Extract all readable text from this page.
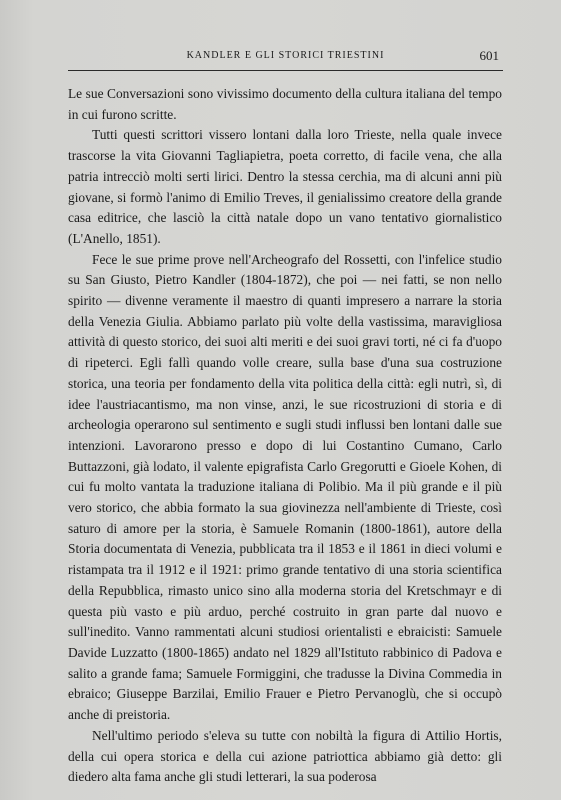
KANDLER E GLI STORICI TRIESTINI	601

Le sue Conversazioni sono vivissimo documento della cultura italiana del tempo in cui furono scritte.

Tutti questi scrittori vissero lontani dalla loro Trieste, nella quale invece trascorse la vita Giovanni Tagliapietra, poeta corretto, di facile vena, che alla patria intrecciò molti serti lirici. Dentro la stessa cerchia, ma di alcuni anni più giovane, si formò l'animo di Emilio Treves, il genialissimo creatore della grande casa editrice, che lasciò la città natale dopo un vano tentativo giornalistico (L'Anello, 1851).

Fece le sue prime prove nell'Archeografo del Rossetti, con l'infelice studio su San Giusto, Pietro Kandler (1804-1872), che poi — nei fatti, se non nello spirito — divenne veramente il maestro di quanti impresero a narrare la storia della Venezia Giulia. Abbiamo parlato più volte della vastissima, maravigliosa attività di questo storico, dei suoi alti meriti e dei suoi gravi torti, né ci fa d'uopo di ripeterci. Egli fallì quando volle creare, sulla base d'una sua costruzione storica, una teoria per fondamento della vita politica della città: egli nutrì, sì, di idee l'austriacantismo, ma non vinse, anzi, le sue ricostruzioni di storia e di archeologia operarono sul sentimento e sugli studi influssi ben lontani dalle sue intenzioni. Lavorarono presso e dopo di lui Costantino Cumano, Carlo Buttazzoni, già lodato, il valente epigrafista Carlo Gregorutti e Gioele Kohen, di cui fu molto vantata la traduzione italiana di Polibio. Ma il più grande e il più vero storico, che abbia formato la sua giovinezza nell'ambiente di Trieste, così saturo di amore per la storia, è Samuele Romanin (1800-1861), autore della Storia documentata di Venezia, pubblicata tra il 1853 e il 1861 in dieci volumi e ristampata tra il 1912 e il 1921: primo grande tentativo di una storia scientifica della Repubblica, rimasto unico sino alla moderna storia del Kretschmayr e di questa più vasto e più arduo, perché costruito in gran parte dal nuovo e sull'inedito. Vanno rammentati alcuni studiosi orientalisti e ebraicisti: Samuele Davide Luzzatto (1800-1865) andato nel 1829 all'Istituto rabbinico di Padova e salito a grande fama; Samuele Formiggini, che tradusse la Divina Commedia in ebraico; Giuseppe Barzilai, Emilio Frauer e Pietro Pervanoglù, che si occupò anche di preistoria.

Nell'ultimo periodo s'eleva su tutte con nobiltà la figura di Attilio Hortis, della cui opera storica e della cui azione patriottica abbiamo già detto: gli diedero alta fama anche gli studi letterari, la sua poderosa
